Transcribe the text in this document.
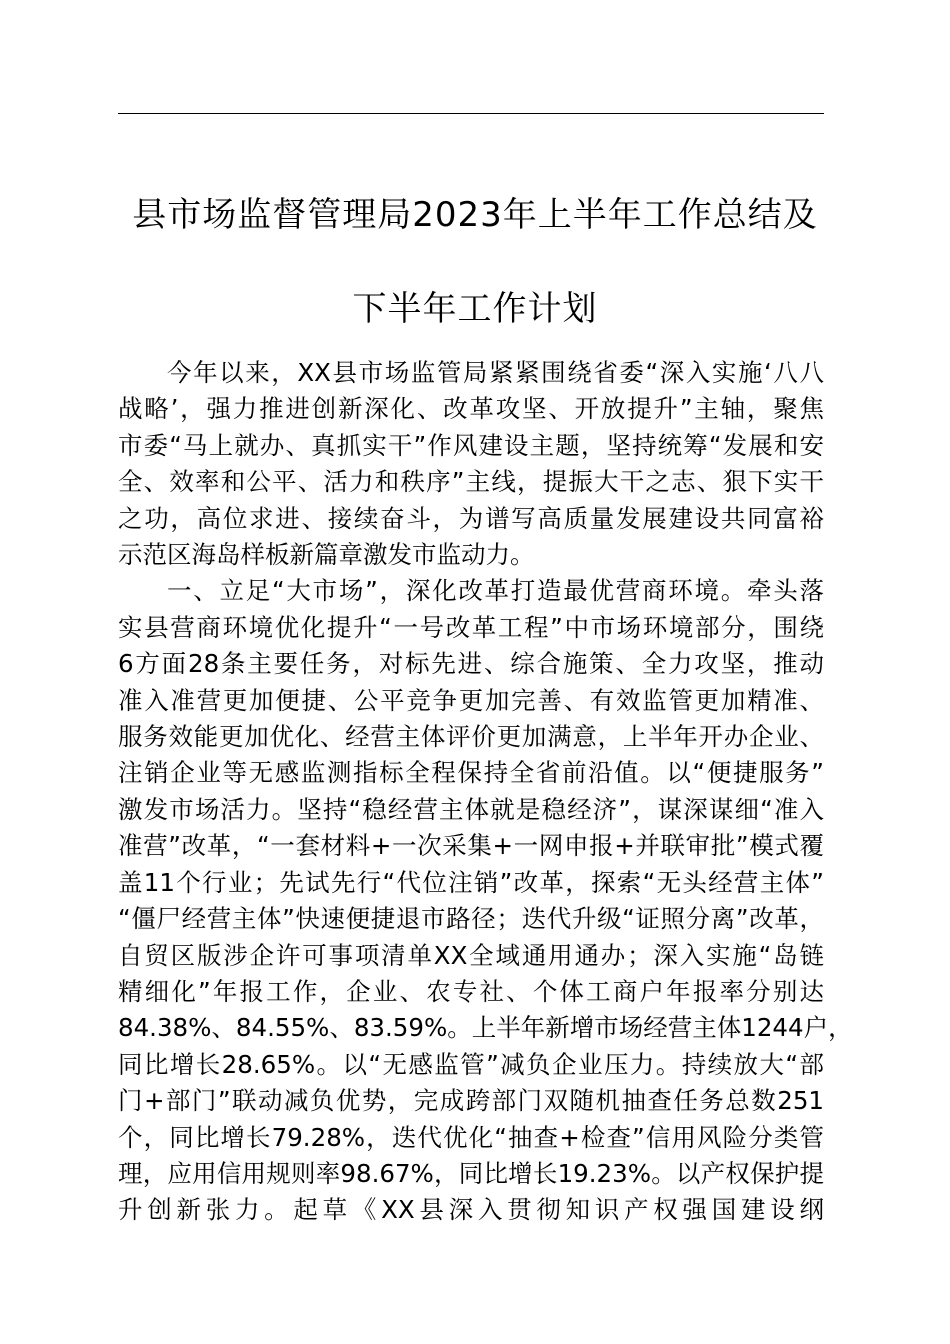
县市场监督管理局2023年上半年工作总结及
下半年工作计划

今年以来，XX县市场监管局紧紧围绕省委“深入实施‘八八
战略’，强力推进创新深化、改革攻坚、开放提升”主轴，聚焦
市委“马上就办、真抓实干”作风建设主题，坚持统筹“发展和安
全、效率和公平、活力和秩序”主线，提振大干之志、狠下实干
之功，高位求进、接续奋斗，为谱写高质量发展建设共同富裕
示范区海岛样板新篇章激发市监动力。

一、立足“大市场”，深化改革打造最优营商环境。牵头落
实县营商环境优化提升“一号改革工程”中市场环境部分，围绕
6方面28条主要任务，对标先进、综合施策、全力攻坚，推动
准入准营更加便捷、公平竞争更加完善、有效监管更加精准、
服务效能更加优化、经营主体评价更加满意，上半年开办企业、
注销企业等无感监测指标全程保持全省前沿值。以“便捷服务”
激发市场活力。坚持“稳经营主体就是稳经济”，谋深谋细“准入
准营”改革，“一套材料+一次采集+一网申报+并联审批”模式覆
盖11个行业；先试先行“代位注销”改革，探索“无头经营主体”
“僵尸经营主体”快速便捷退市路径；迭代升级“证照分离”改革，
自贸区版涉企许可事项清单XX全域通用通办；深入实施“岛链
精细化”年报工作，企业、农专社、个体工商户年报率分别达
84.38%、84.55%、83.59%。上半年新增市场经营主体1244户，
同比增长28.65%。以“无感监管”减负企业压力。持续放大“部
门+部门”联动减负优势，完成跨部门双随机抽查任务总数251
个，同比增长79.28%，迭代优化“抽查+检查”信用风险分类管
理，应用信用规则率98.67%，同比增长19.23%。以产权保护提
升创新张力。起草《XX县深入贯彻知识产权强国建设纲
